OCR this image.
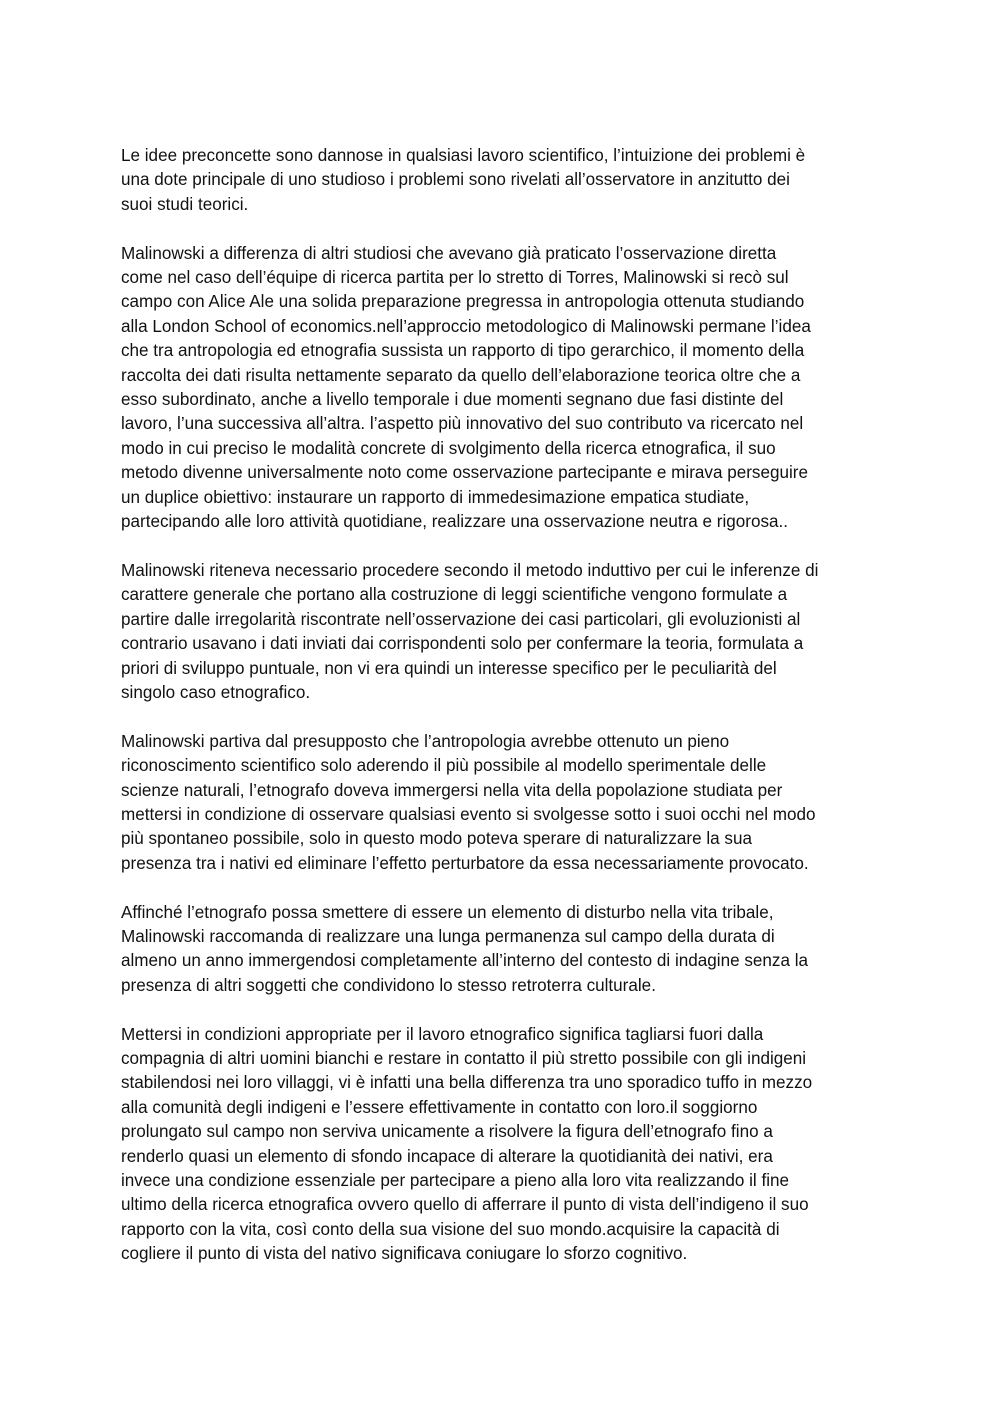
Le idee preconcette sono dannose in qualsiasi lavoro scientifico, l’intuizione dei problemi è
una dote principale di uno studioso i problemi sono rivelati all’osservatore in anzitutto dei
suoi studi teorici.

Malinowski a differenza di altri studiosi che avevano già praticato l’osservazione diretta
come nel caso dell’équipe di ricerca partita per lo stretto di Torres, Malinowski si recò sul
campo con Alice Ale una solida preparazione pregressa in antropologia ottenuta studiando
alla London School of economics.nell’approccio metodologico di Malinowski permane l’idea
che tra antropologia ed etnografia sussista un rapporto di tipo gerarchico, il momento della
raccolta dei dati risulta nettamente separato da quello dell’elaborazione teorica oltre che a
esso subordinato, anche a livello temporale i due momenti segnano due fasi distinte del
lavoro, l’una successiva all’altra. l’aspetto più innovativo del suo contributo va ricercato nel
modo in cui preciso le modalità concrete di svolgimento della ricerca etnografica, il suo
metodo divenne universalmente noto come osservazione partecipante e mirava perseguire
un duplice obiettivo: instaurare un rapporto di immedesimazione empatica studiate,
partecipando alle loro attività quotidiane, realizzare una osservazione neutra e rigorosa..

Malinowski riteneva necessario procedere secondo il metodo induttivo per cui le inferenze di
carattere generale che portano alla costruzione di leggi scientifiche vengono formulate a
partire dalle irregolarità riscontrate nell’osservazione dei casi particolari, gli evoluzionisti al
contrario usavano i dati inviati dai corrispondenti solo per confermare la teoria, formulata a
priori di sviluppo puntuale, non vi era quindi un interesse specifico per le peculiarità del
singolo caso etnografico.

Malinowski partiva dal presupposto che l’antropologia avrebbe ottenuto un pieno
riconoscimento scientifico solo aderendo il più possibile al modello sperimentale delle
scienze naturali, l’etnografo doveva immergersi nella vita della popolazione studiata per
mettersi in condizione di osservare qualsiasi evento si svolgesse sotto i suoi occhi nel modo
più spontaneo possibile, solo in questo modo poteva sperare di naturalizzare la sua
presenza tra i nativi ed eliminare l’effetto perturbatore da essa necessariamente provocato.

Affinché l’etnografo possa smettere di essere un elemento di disturbo nella vita tribale,
Malinowski raccomanda di realizzare una lunga permanenza sul campo della durata di
almeno un anno immergendosi completamente all’interno del contesto di indagine senza la
presenza di altri soggetti che condividono lo stesso retroterra culturale.

Mettersi in condizioni appropriate per il lavoro etnografico significa tagliarsi fuori dalla
compagnia di altri uomini bianchi e restare in contatto il più stretto possibile con gli indigeni
stabilendosi nei loro villaggi, vi è infatti una bella differenza tra uno sporadico tuffo in mezzo
alla comunità degli indigeni e l’essere effettivamente in contatto con loro.il soggiorno
prolungato sul campo non serviva unicamente a risolvere la figura dell’etnografo fino a
renderlo quasi un elemento di sfondo incapace di alterare la quotidianità dei nativi, era
invece una condizione essenziale per partecipare a pieno alla loro vita realizzando il fine
ultimo della ricerca etnografica ovvero quello di afferrare il punto di vista dell’indigeno il suo
rapporto con la vita, così conto della sua visione del suo mondo.acquisire la capacità di
cogliere il punto di vista del nativo significava coniugare lo sforzo cognitivo.
